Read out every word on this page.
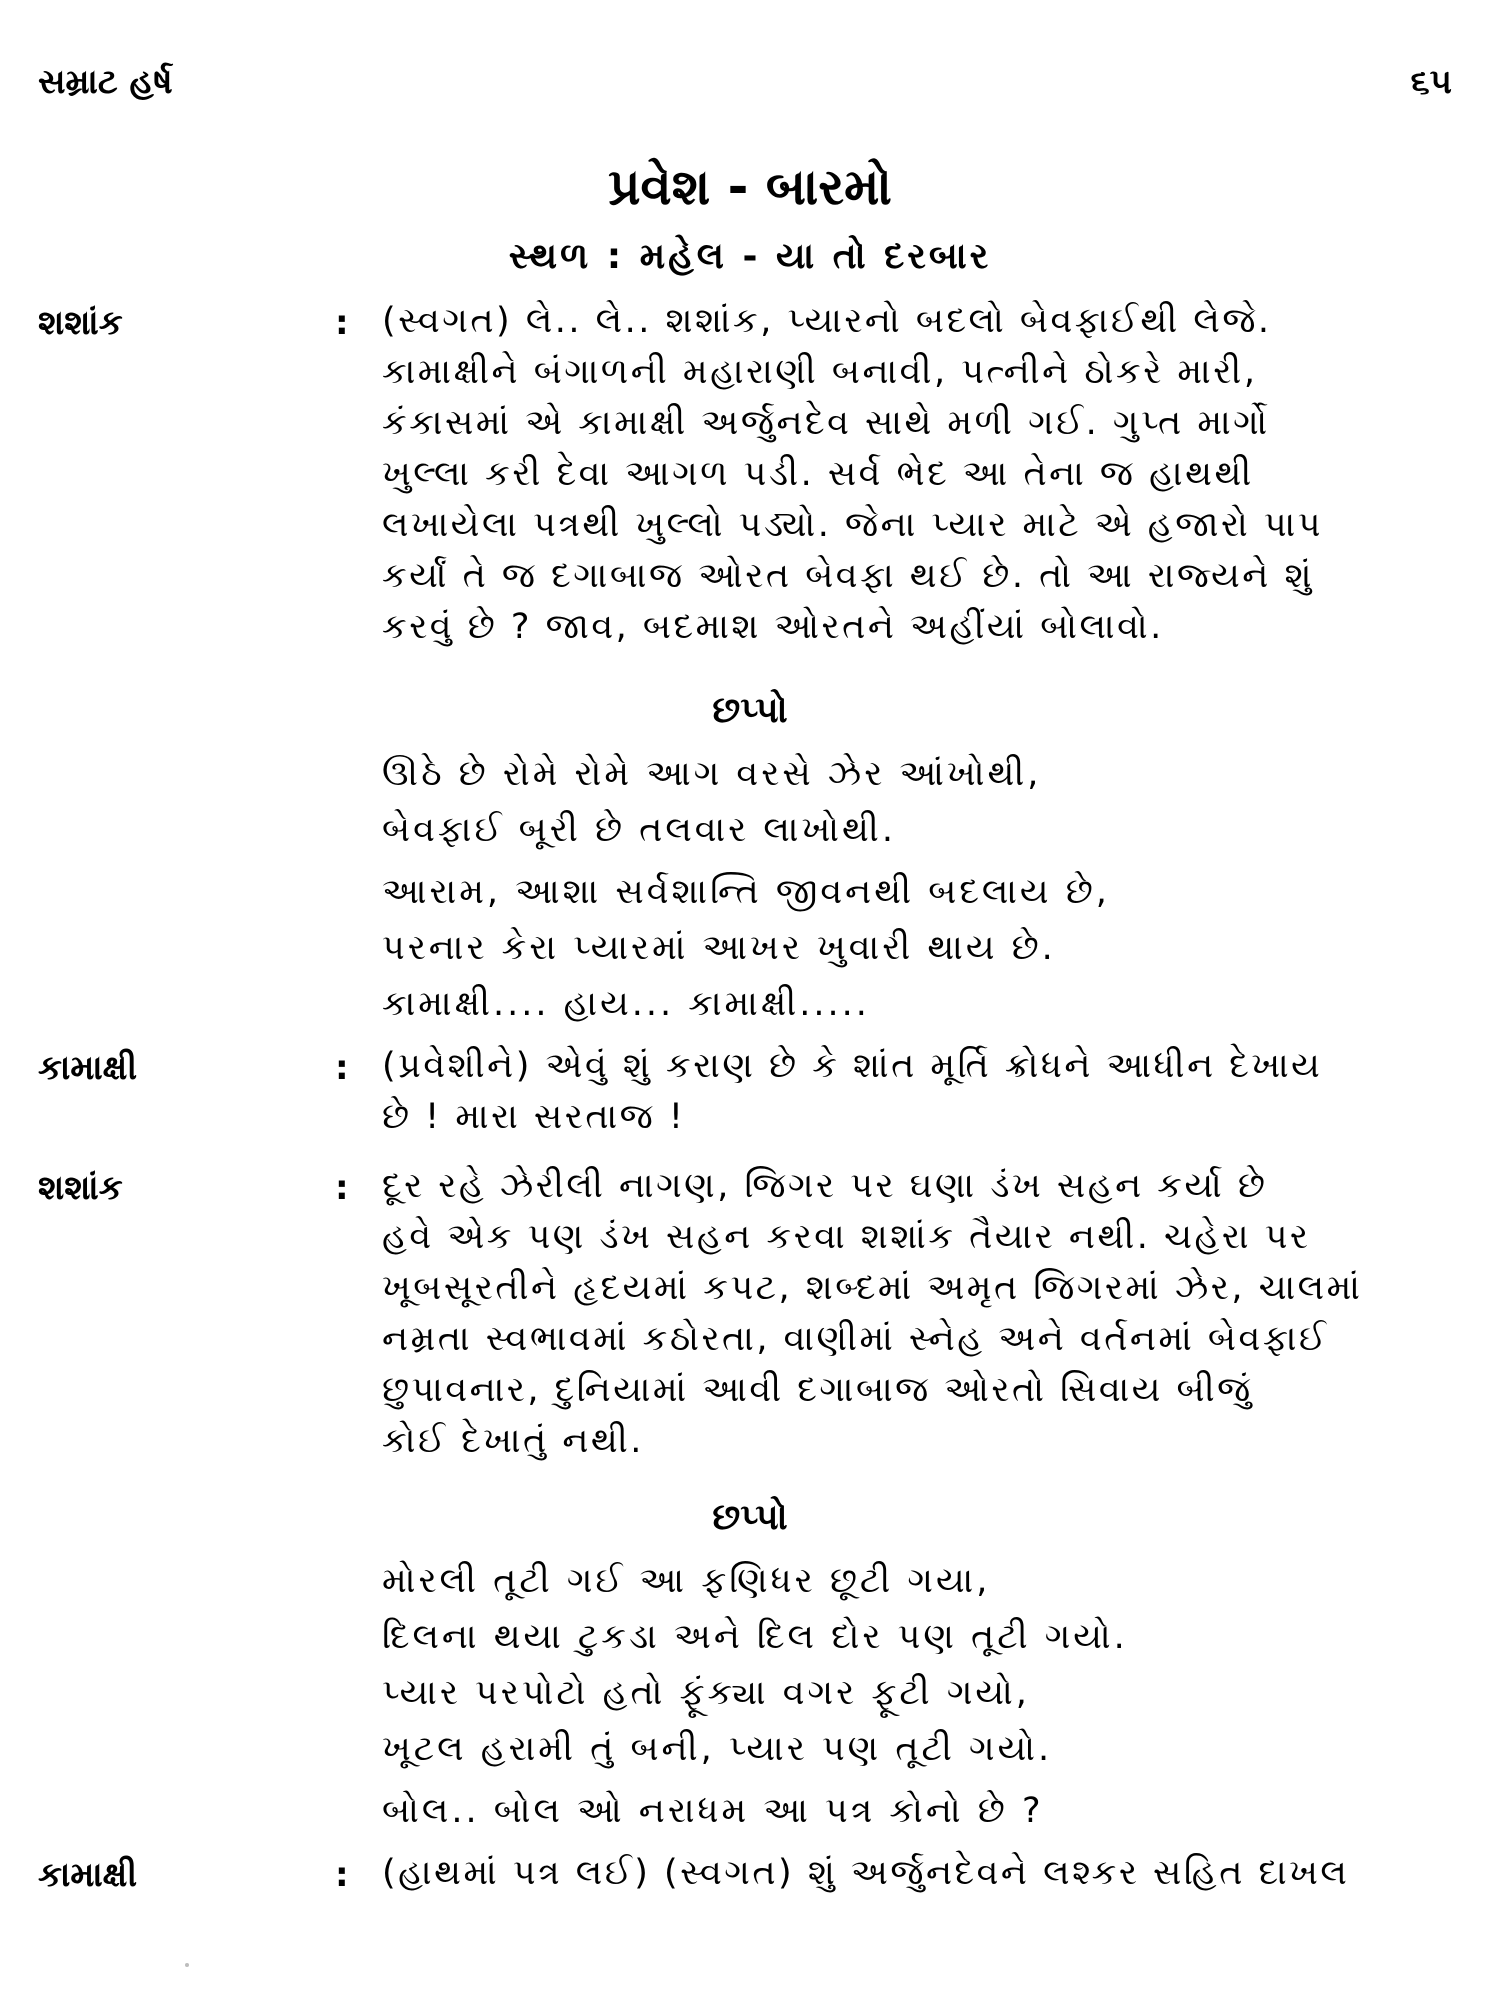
સમ્રાટ હર્ષ	૬૫
પ્રવેશ - બારમો
સ્થળ : મહેલ - યા તો દરબાર
શશાંક	: (સ્વગત) લે.. લે.. શશાંક, પ્યારનો બદલો બેવફાઈથી લેજે.
કામાક્ષીને બંગાળની મહારાણી બનાવી, પત્નીને ઠોકરે મારી,
કંકાસમાં એ કામાક્ષી અર્જુનદેવ સાથે મળી ગઈ. ગુપ્ત માર્ગો
ખુલ્લા કરી દેવા આગળ પડી. સર્વ ભેદ આ તેના જ હાથથી
લખાયેલા પત્રથી ખુલ્લો પડ્યો. જેના પ્યાર માટે એ હજારો પાપ
કર્યાં તે જ દગાબાજ ઓરત બેવફા થઈ છે. તો આ રાજ્યને શું
કરવું છે ? જાવ, બદમાશ ઓરતને અહીંયાં બોલાવો.
છપ્પો
ઊઠે છે રોમે રોમે આગ વરસે ઝેર આંખોથી,
બેવફાઈ બૂરી છે તલવાર લાખોથી.
આરામ, આશા સર્વશાન્તિ જીવનથી બદલાય છે,
પરનાર કેરા પ્યારમાં આખર ખુવારી થાય છે.
કામાક્ષી.... હાય... કામાક્ષી.....
કામાક્ષી	: (પ્રવેશીને) એવું શું કરાણ છે કે શાંત મૂર્તિ ક્રોધને આધીન દેખાય
છે ! મારા સરતાજ !
શશાંક	: દૂર રહે ઝેરીલી નાગણ, જિગર પર ઘણા ડંખ સહન કર્યા છે
હવે એક પણ ડંખ સહન કરવા શશાંક તૈયાર નથી. ચહેરા પર
ખૂબસૂરતીને હૃદયમાં કપટ, શબ્દમાં અમૃત જિગરમાં ઝેર, ચાલમાં
નમ્રતા સ્વભાવમાં કઠોરતા, વાણીમાં સ્નેહ અને વર્તનમાં બેવફાઈ
છુપાવનાર, દુનિયામાં આવી દગાબાજ ઓરતો સિવાય બીજું
કોઈ દેખાતું નથી.
છપ્પો
મોરલી તૂટી ગઈ આ ફણિધર છૂટી ગયા,
દિલના થયા ટુકડા અને દિલ દોર પણ તૂટી ગયો.
પ્યાર પરપોટો હતો ફૂંક્યા વગર ફૂટી ગયો,
ખૂટલ હરામી તું બની, પ્યાર પણ તૂટી ગયો.
બોલ.. બોલ ઓ નરાધમ આ પત્ર કોનો છે ?
કામાક્ષી	: (હાથમાં પત્ર લઈ) (સ્વગત) શું અર્જુનદેવને લશ્કર સહિત દાખલ
